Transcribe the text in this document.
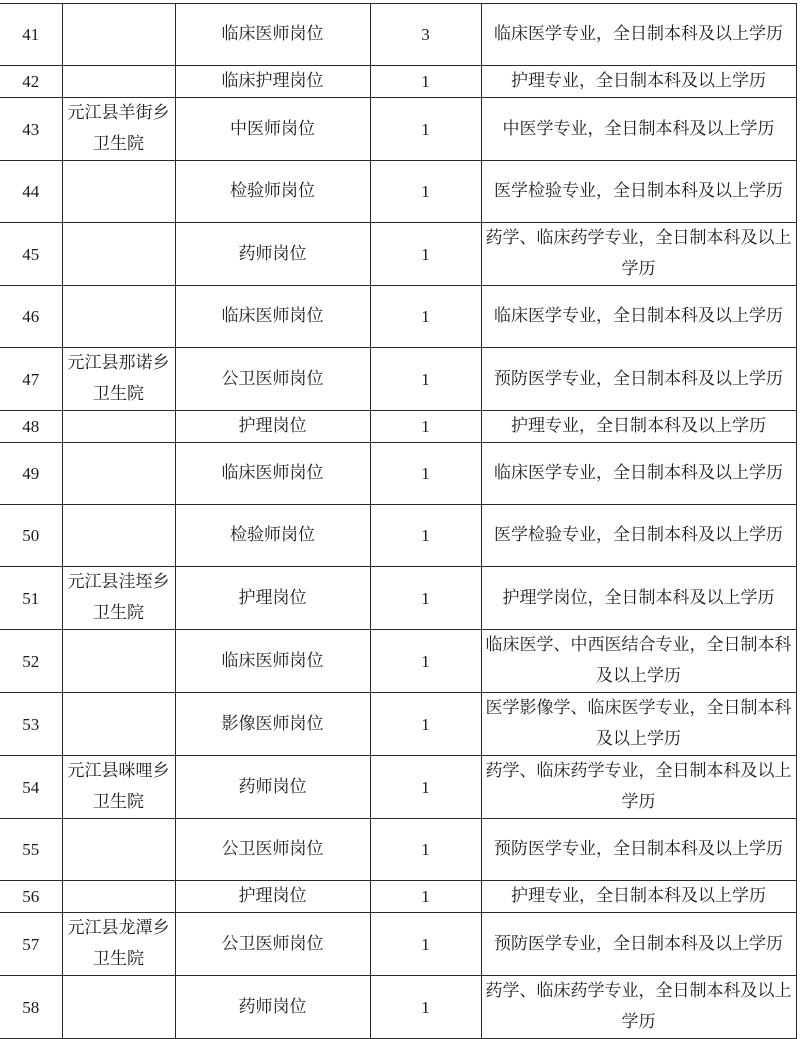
41		临床医师岗位	3	临床医学专业，全日制本科及以上学历
42		临床护理岗位	1	护理专业，全日制本科及以上学历
43	元江县羊街乡卫生院	中医师岗位	1	中医学专业，全日制本科及以上学历
44		检验师岗位	1	医学检验专业，全日制本科及以上学历
45		药师岗位	1	药学、临床药学专业，全日制本科及以上学历
46		临床医师岗位	1	临床医学专业，全日制本科及以上学历
47	元江县那诺乡卫生院	公卫医师岗位	1	预防医学专业，全日制本科及以上学历
48		护理岗位	1	护理专业，全日制本科及以上学历
49		临床医师岗位	1	临床医学专业，全日制本科及以上学历
50		检验师岗位	1	医学检验专业，全日制本科及以上学历
51	元江县洼垤乡卫生院	护理岗位	1	护理学岗位，全日制本科及以上学历
52		临床医师岗位	1	临床医学、中西医结合专业，全日制本科及以上学历
53		影像医师岗位	1	医学影像学、临床医学专业，全日制本科及以上学历
54	元江县咪哩乡卫生院	药师岗位	1	药学、临床药学专业，全日制本科及以上学历
55		公卫医师岗位	1	预防医学专业，全日制本科及以上学历
56		护理岗位	1	护理专业，全日制本科及以上学历
57	元江县龙潭乡卫生院	公卫医师岗位	1	预防医学专业，全日制本科及以上学历
58		药师岗位	1	药学、临床药学专业，全日制本科及以上学历
